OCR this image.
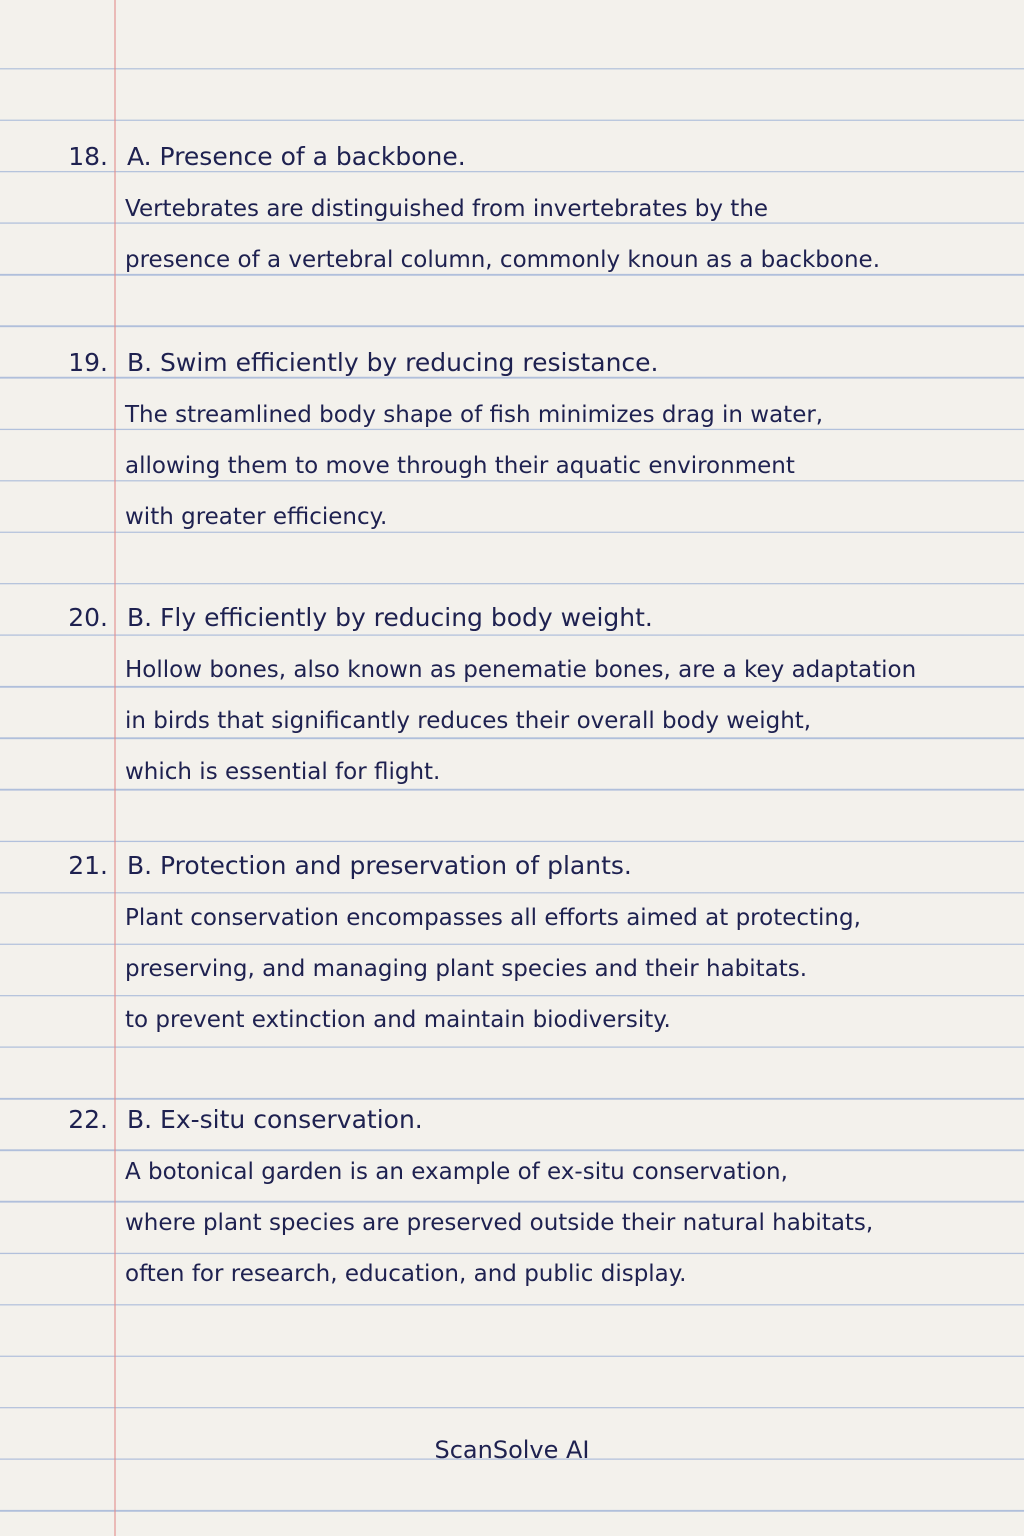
18. A. Presence of a backbone.
Vertebrates are distinguished from invertebrates by the
presence of a vertebral column, commonly knoun as a backbone.
19. B. Swim efficiently by reducing resistance.
The streamlined body shape of fish minimizes drag in water,
allowing them to move through their aquatic environment
with greater efficiency.
20. B. Fly efficiently by reducing body weight.
Hollow bones, also known as penematie bones, are a key adaptation
in birds that significantly reduces their overall body weight,
which is essential for flight.
21. B. Protection and preservation of plants.
Plant conservation encompasses all efforts aimed at protecting,
preserving, and managing plant species and their habitats.
to prevent extinction and maintain biodiversity.
22. B. Ex-situ conservation.
A botonical garden is an example of ex-situ conservation,
where plant species are preserved outside their natural habitats,
often for research, education, and public display.
ScanSolve AI
